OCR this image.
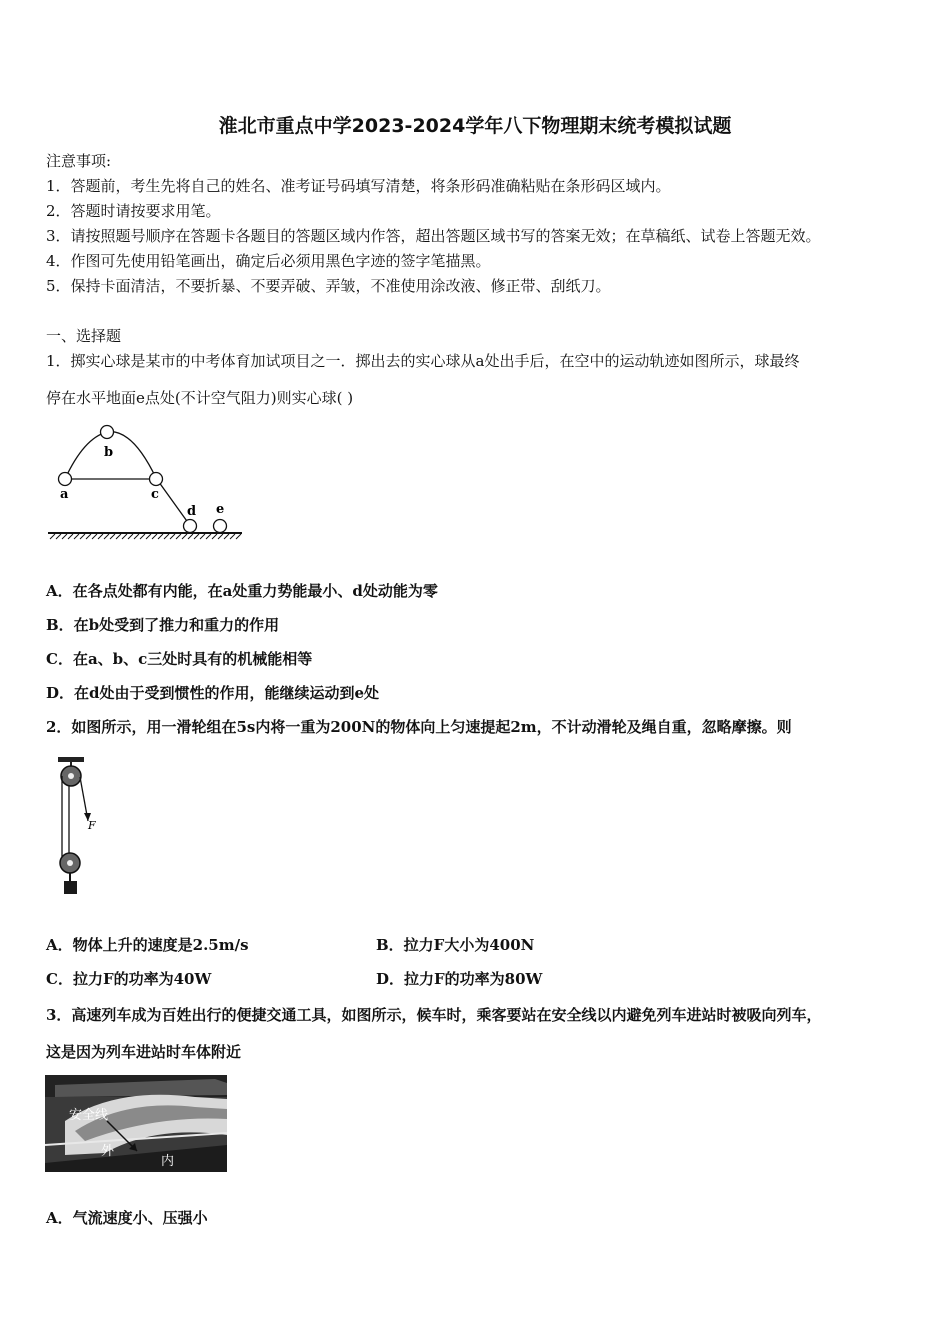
淮北市重点中学2023-2024学年八下物理期末统考模拟试题
注意事项:
1．答题前，考生先将自己的姓名、准考证号码填写清楚，将条形码准确粘贴在条形码区域内。
2．答题时请按要求用笔。
3．请按照题号顺序在答题卡各题目的答题区域内作答，超出答题区域书写的答案无效；在草稿纸、试卷上答题无效。
4．作图可先使用铅笔画出，确定后必须用黑色字迹的签字笔描黑。
5．保持卡面清洁，不要折暴、不要弄破、弄皱，不准使用涂改液、修正带、刮纸刀。
一、选择题
1．掷实心球是某市的中考体育加试项目之一．掷出去的实心球从a处出手后，在空中的运动轨迹如图所示，球最终
停在水平地面e点处(不计空气阻力)则实心球( )
a
b
c
d e
A．在各点处都有内能，在a处重力势能最小、d处动能为零
B．在b处受到了推力和重力的作用
C．在a、b、c三处时具有的机械能相等
D．在d处由于受到惯性的作用，能继续运动到e处
2．如图所示，用一滑轮组在5s内将一重为200N的物体向上匀速提起2m，不计动滑轮及绳自重，忽略摩擦。则
F
A．物体上升的速度是2.5m/s	B．拉力F大小为400N
C．拉力F的功率为40W	D．拉力F的功率为80W
3．高速列车成为百姓出行的便捷交通工具，如图所示，候车时，乘客要站在安全线以内避免列车进站时被吸向列车，
这是因为列车进站时车体附近
安全线
外
内
A．气流速度小、压强小
